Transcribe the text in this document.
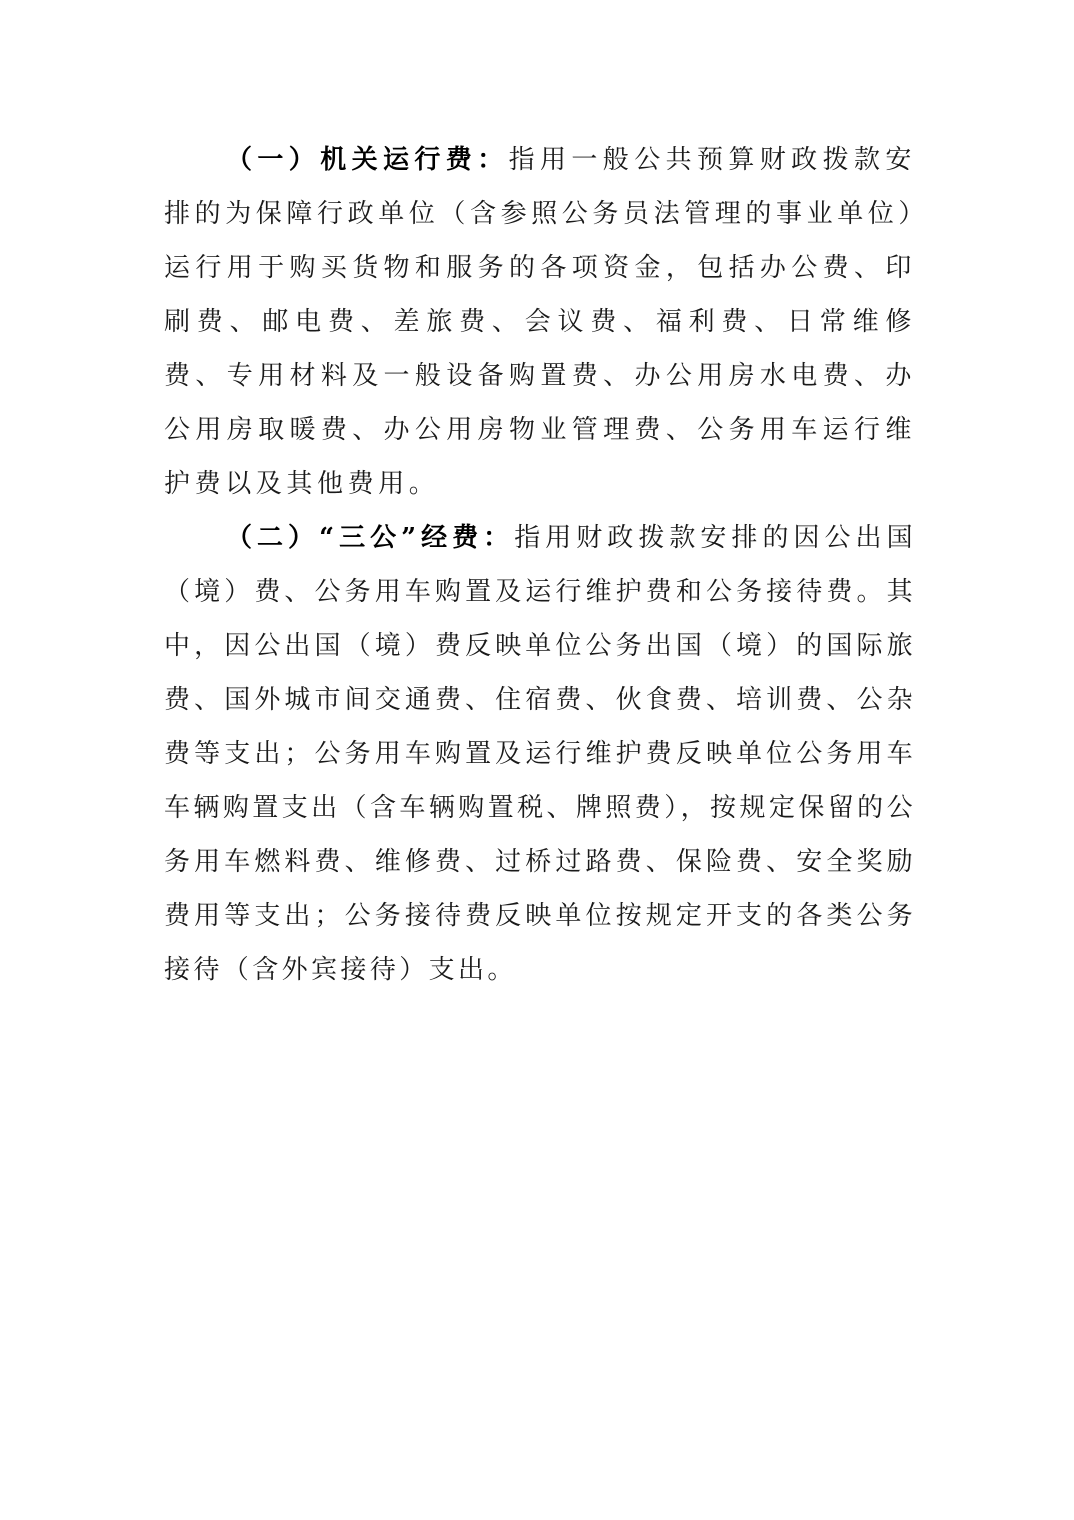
（一）机关运行费：指用一般公共预算财政拨款安排的为保障行政单位（含参照公务员法管理的事业单位）运行用于购买货物和服务的各项资金，包括办公费、印刷费、邮电费、差旅费、会议费、福利费、日常维修费、专用材料及一般设备购置费、办公用房水电费、办公用房取暖费、办公用房物业管理费、公务用车运行维护费以及其他费用。

（二）“三公”经费：指用财政拨款安排的因公出国（境）费、公务用车购置及运行维护费和公务接待费。其中，因公出国（境）费反映单位公务出国（境）的国际旅费、国外城市间交通费、住宿费、伙食费、培训费、公杂费等支出；公务用车购置及运行维护费反映单位公务用车车辆购置支出（含车辆购置税、牌照费），按规定保留的公务用车燃料费、维修费、过桥过路费、保险费、安全奖励费用等支出；公务接待费反映单位按规定开支的各类公务接待（含外宾接待）支出。
